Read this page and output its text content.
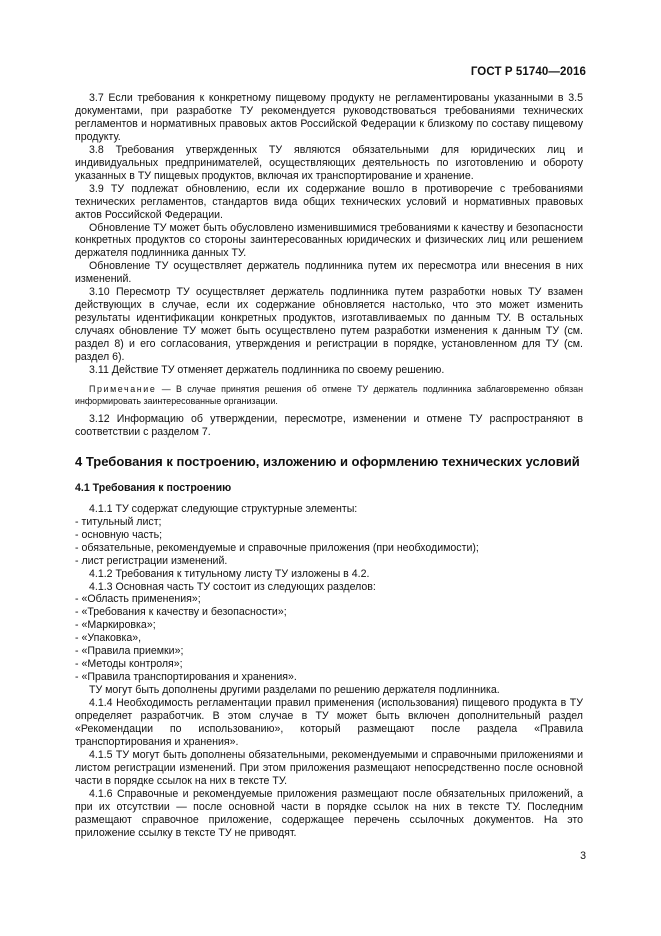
ГОСТ Р 51740—2016

3.7 Если требования к конкретному пищевому продукту не регламентированы указанными в 3.5 документами, при разработке ТУ рекомендуется руководствоваться требованиями технических регламентов и нормативных правовых актов Российской Федерации к близкому по составу пищевому продукту.

3.8 Требования утвержденных ТУ являются обязательными для юридических лиц и индивидуальных предпринимателей, осуществляющих деятельность по изготовлению и обороту указанных в ТУ пищевых продуктов, включая их транспортирование и хранение.

3.9 ТУ подлежат обновлению, если их содержание вошло в противоречие с требованиями технических регламентов, стандартов вида общих технических условий и нормативных правовых актов Российской Федерации.

Обновление ТУ может быть обусловлено изменившимися требованиями к качеству и безопасности конкретных продуктов со стороны заинтересованных юридических и физических лиц или решением держателя подлинника данных ТУ.

Обновление ТУ осуществляет держатель подлинника путем их пересмотра или внесения в них изменений.

3.10 Пересмотр ТУ осуществляет держатель подлинника путем разработки новых ТУ взамен действующих в случае, если их содержание обновляется настолько, что это может изменить результаты идентификации конкретных продуктов, изготавливаемых по данным ТУ. В остальных случаях обновление ТУ может быть осуществлено путем разработки изменения к данным ТУ (см. раздел 8) и его согласования, утверждения и регистрации в порядке, установленном для ТУ (см. раздел 6).

3.11 Действие ТУ отменяет держатель подлинника по своему решению.

Примечание — В случае принятия решения об отмене ТУ держатель подлинника заблаговременно обязан информировать заинтересованные организации.

3.12 Информацию об утверждении, пересмотре, изменении и отмене ТУ распространяют в соответствии с разделом 7.

4 Требования к построению, изложению и оформлению технических условий
4.1 Требования к построению

4.1.1 ТУ содержат следующие структурные элементы:

- титульный лист;

- основную часть;

- обязательные, рекомендуемые и справочные приложения (при необходимости);

- лист регистрации изменений.

4.1.2 Требования к титульному листу ТУ изложены в 4.2.

4.1.3 Основная часть ТУ состоит из следующих разделов:

- «Область применения»;

- «Требования к качеству и безопасности»;

- «Маркировка»;

- «Упаковка»,

- «Правила приемки»;

- «Методы контроля»;

- «Правила транспортирования и хранения».

ТУ могут быть дополнены другими разделами по решению держателя подлинника.

4.1.4 Необходимость регламентации правил применения (использования) пищевого продукта в ТУ определяет разработчик. В этом случае в ТУ может быть включен дополнительный раздел «Рекомендации по использованию», который размещают после раздела «Правила транспортирования и хранения».

4.1.5 ТУ могут быть дополнены обязательными, рекомендуемыми и справочными приложениями и листом регистрации изменений. При этом приложения размещают непосредственно после основной части в порядке ссылок на них в тексте ТУ.

4.1.6 Справочные и рекомендуемые приложения размещают после обязательных приложений, а при их отсутствии — после основной части в порядке ссылок на них в тексте ТУ. Последним размещают справочное приложение, содержащее перечень ссылочных документов. На это приложение ссылку в тексте ТУ не приводят.

3
